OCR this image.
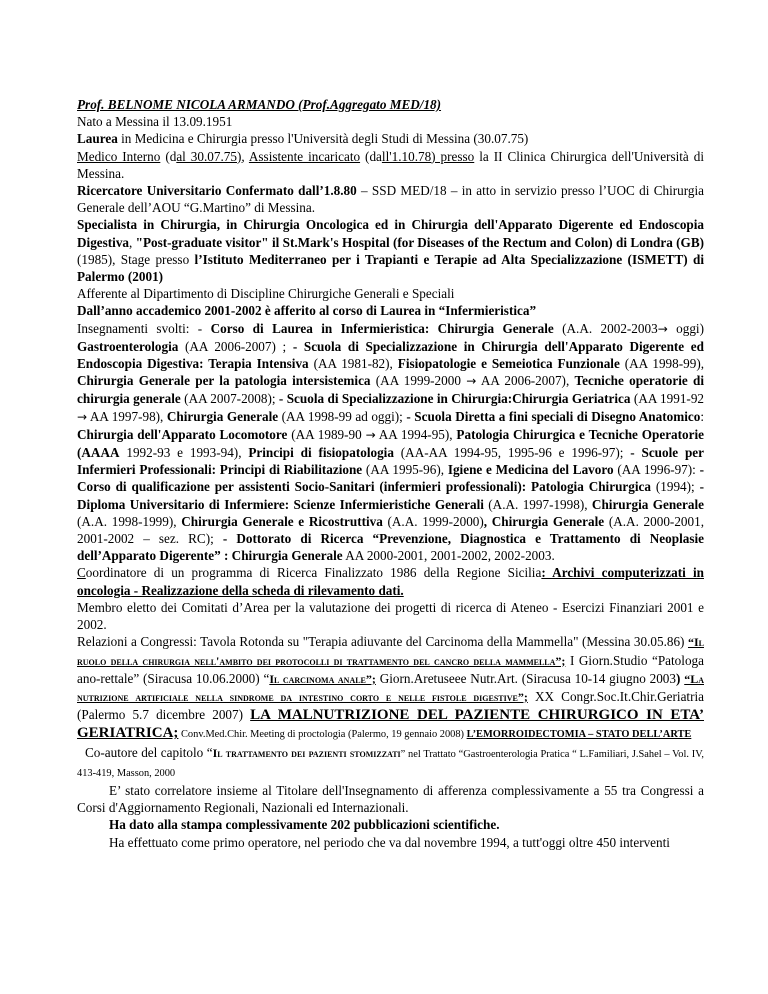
Prof. BELNOME NICOLA ARMANDO (Prof.Aggregato MED/18)

Nato a Messina il 13.09.1951

Laurea in Medicina e Chirurgia presso l'Università degli Studi di Messina (30.07.75)

Medico Interno (dal 30.07.75), Assistente incaricato (dall'1.10.78) presso la II Clinica Chirurgica dell'Università di Messina.

Ricercatore Universitario Confermato dall’1.8.80 – SSD MED/18 – in atto in servizio presso l’UOC di Chirurgia Generale dell’AOU “G.Martino” di Messina.

Specialista in Chirurgia, in Chirurgia Oncologica ed in Chirurgia dell'Apparato Digerente ed Endoscopia Digestiva, "Post-graduate visitor" il St.Mark's Hospital (for Diseases of the Rectum and Colon) di Londra (GB) (1985), Stage presso l’Istituto Mediterraneo per i Trapianti e Terapie ad Alta Specializzazione (ISMETT) di Palermo (2001)

Afferente al Dipartimento di Discipline Chirurgiche Generali e Speciali

Dall’anno accademico 2001-2002 è afferito al corso di Laurea in “Infermieristica”

Insegnamenti svolti: - Corso di Laurea in Infermieristica: Chirurgia Generale (A.A. 2002-2003→ oggi) Gastroenterologia (AA 2006-2007) ; - Scuola di Specializzazione in Chirurgia dell'Apparato Digerente ed Endoscopia Digestiva: Terapia Intensiva (AA 1981-82), Fisiopatologie e Semeiotica Funzionale (AA 1998-99), Chirurgia Generale per la patologia intersistemica (AA 1999-2000 → AA 2006-2007), Tecniche operatorie di chirurgia generale (AA 2007-2008); - Scuola di Specializzazione in Chirurgia:Chirurgia Geriatrica (AA 1991-92 → AA 1997-98), Chirurgia Generale (AA 1998-99 ad oggi); - Scuola Diretta a fini speciali di Disegno Anatomico: Chirurgia dell'Apparato Locomotore (AA 1989-90 → AA 1994-95), Patologia Chirurgica e Tecniche Operatorie (AAAA 1992-93 e 1993-94), Principi di fisiopatologia (AA-AA 1994-95, 1995-96 e 1996-97); - Scuole per Infermieri Professionali: Principi di Riabilitazione (AA 1995-96), Igiene e Medicina del Lavoro (AA 1996-97): - Corso di qualificazione per assistenti Socio-Sanitari (infermieri professionali): Patologia Chirurgica (1994); - Diploma Universitario di Infermiere: Scienze Infermieristiche Generali (A.A. 1997-1998), Chirurgia Generale (A.A. 1998-1999), Chirurgia Generale e Ricostruttiva (A.A. 1999-2000), Chirurgia Generale (A.A. 2000-2001, 2001-2002 – sez. RC); - Dottorato di Ricerca “Prevenzione, Diagnostica e Trattamento di Neoplasie dell’Apparato Digerente” : Chirurgia Generale AA 2000-2001, 2001-2002, 2002-2003.

Coordinatore di un programma di Ricerca Finalizzato 1986 della Regione Sicilia: Archivi computerizzati in oncologia - Realizzazione della scheda di rilevamento dati.

Membro eletto dei Comitati d’Area per la valutazione dei progetti di ricerca di Ateneo - Esercizi Finanziari 2001 e 2002.

Relazioni a Congressi: Tavola Rotonda su "Terapia adiuvante del Carcinoma della Mammella" (Messina 30.05.86) “Il ruolo della chirurgia nell'ambito dei protocolli di trattamento del cancro della mammella”; I Giorn.Studio “Patologa ano-rettale” (Siracusa 10.06.2000) “Il carcinoma anale”; Giorn.Aretuseee Nutr.Art. (Siracusa 10-14 giugno 2003) “La nutrizione artificiale nella sindrome da intestino corto e nelle fistole digestive”; XX Congr.Soc.It.Chir.Geriatria (Palermo 5.7 dicembre 2007) LA MALNUTRIZIONE DEL PAZIENTE CHIRURGICO IN ETA’ GERIATRICA; Conv.Med.Chir. Meeting di proctologia (Palermo, 19 gennaio 2008) L’EMORROIDECTOMIA – STATO DELL’ARTE

Co-autore del capitolo “Il trattamento dei pazienti stomizzati” nel Trattato “Gastroenterologia Pratica “ L.Familiari, J.Sahel – Vol. IV, 413-419, Masson, 2000

E’ stato correlatore insieme al Titolare dell'Insegnamento di afferenza complessivamente a 55 tra Congressi a Corsi d'Aggiornamento Regionali, Nazionali ed Internazionali.

Ha dato alla stampa complessivamente 202 pubblicazioni scientifiche.

Ha effettuato come primo operatore, nel periodo che va dal novembre 1994, a tutt'oggi oltre 450 interventi
